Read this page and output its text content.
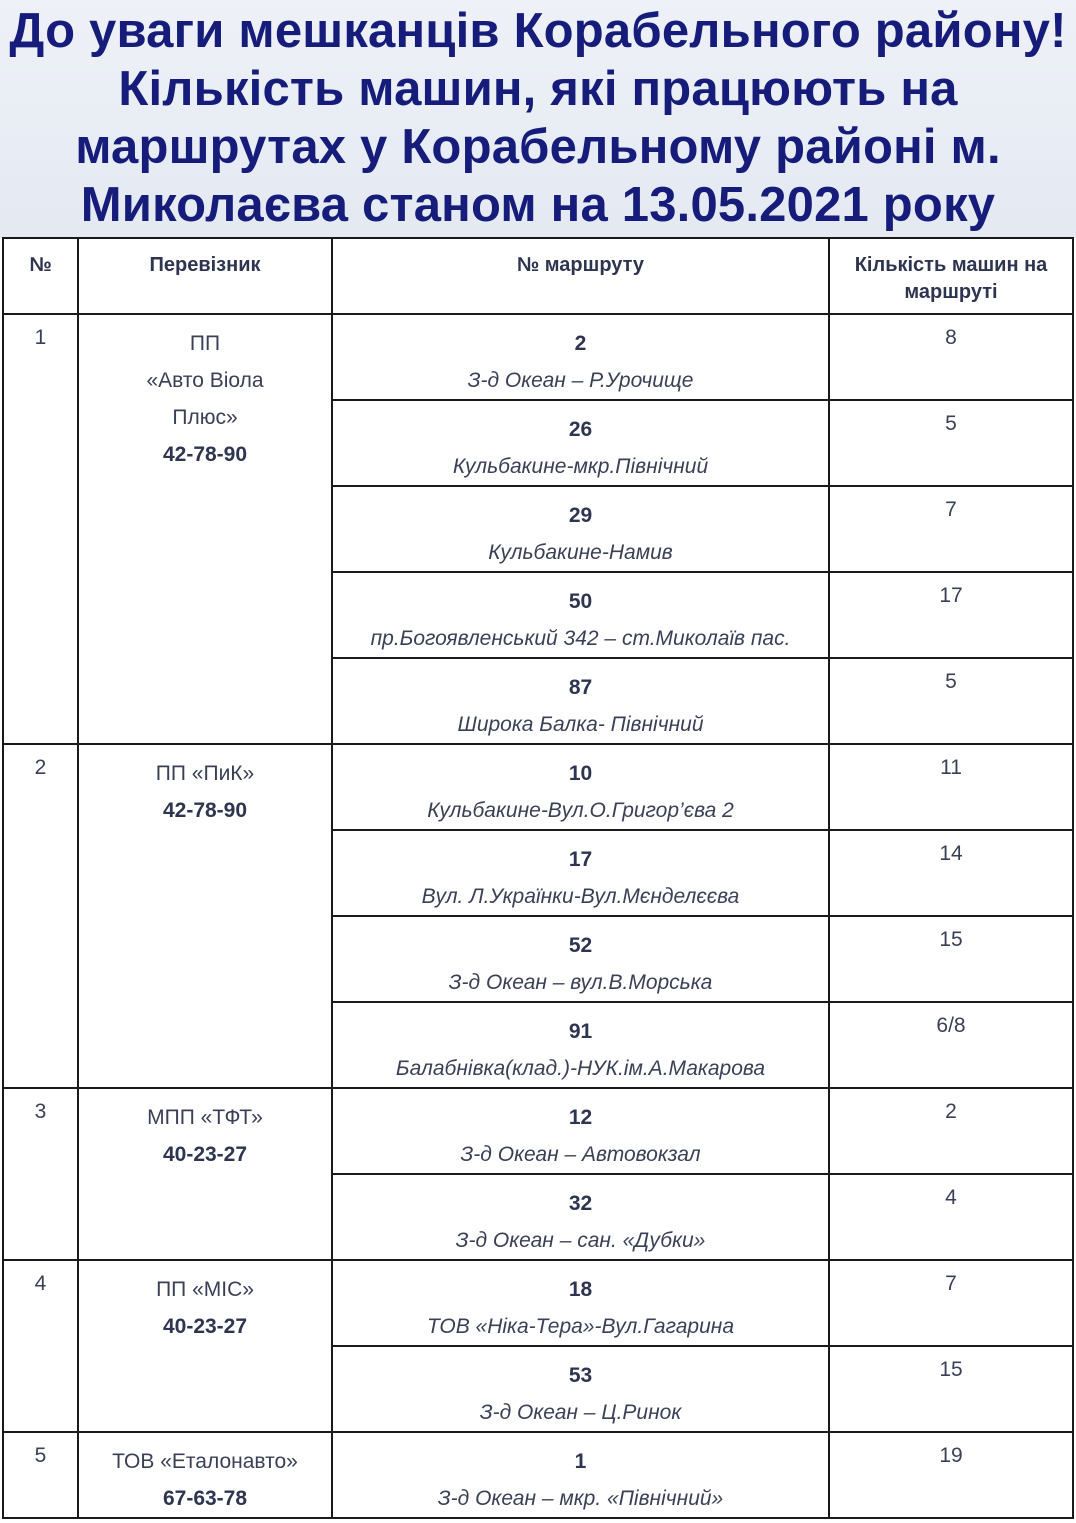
До уваги мешканців Корабельного району!
Кількість машин, які працюють на
маршрутах у Корабельному районі м.
Миколаєва станом на 13.05.2021 року
№	Перевізник	№ маршруту	Кількість машин на
маршруті
1	ПП
«Авто Віола
Плюс»
42-78-90	2
З-д Океан – Р.Урочище	8

		26
Кульбакине-мкр.Північний	5

		29
Кульбакине-Намив	7

		50
пр.Богоявленський 342 – ст.Миколаїв пас.	17

		87
Широка Балка- Північний	5
2	ПП «ПиК»
42-78-90	10
Кульбакине-Вул.О.Григор’єва 2	11

		17
Вул. Л.Українки-Вул.Мєнделєєва	14

		52
З-д Океан – вул.В.Морська	15

		91
Балабнівка(клад.)-НУК.ім.А.Макарова	6/8
3	МПП «ТФТ»
40-23-27	12
З-д Океан – Автовокзал	2

		32
З-д Океан – сан. «Дубки»	4
4	ПП «МІС»
40-23-27	18
ТОВ «Ніка-Тера»-Вул.Гагарина	7

		53
З-д Океан – Ц.Ринок	15
5	ТОВ «Еталонавто»
67-63-78	1
З-д Океан – мкр. «Північний»	19
